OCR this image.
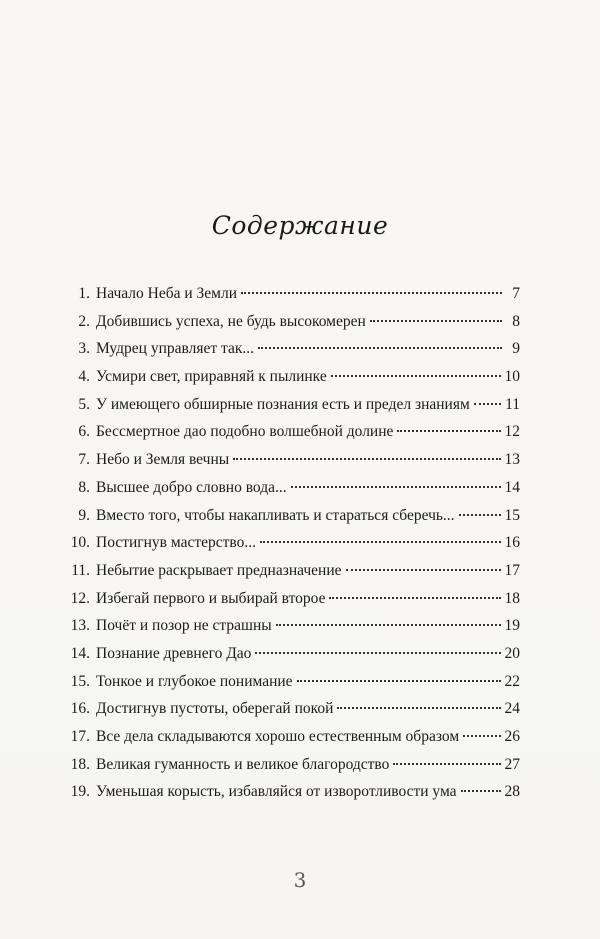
Содержание
1. Начало Неба и Земли	7
2. Добившись успеха, не будь высокомерен	8
3. Мудрец управляет так...	9
4. Усмири свет, приравняй к пылинке	10
5. У имеющего обширные познания есть и предел знаниям 11
6. Бессмертное дао подобно волшебной долине	12
7. Небо и Земля вечны	13
8. Высшее добро словно вода...	14
9. Вместо того, чтобы накапливать и стараться сберечь...	15
10. Постигнув мастерство...	16
11. Небытие раскрывает предназначение	17
12. Избегай первого и выбирай второе	18
13. Почёт и позор не страшны	19
14. Познание древнего Дао	20
15. Тонкое и глубокое понимание	22
16. Достигнув пустоты, оберегай покой	24
17. Все дела складываются хорошо естественным образом	26
18. Великая гуманность и великое благородство	27
19. Уменьшая корысть, избавляйся от изворотливости ума	28
3
